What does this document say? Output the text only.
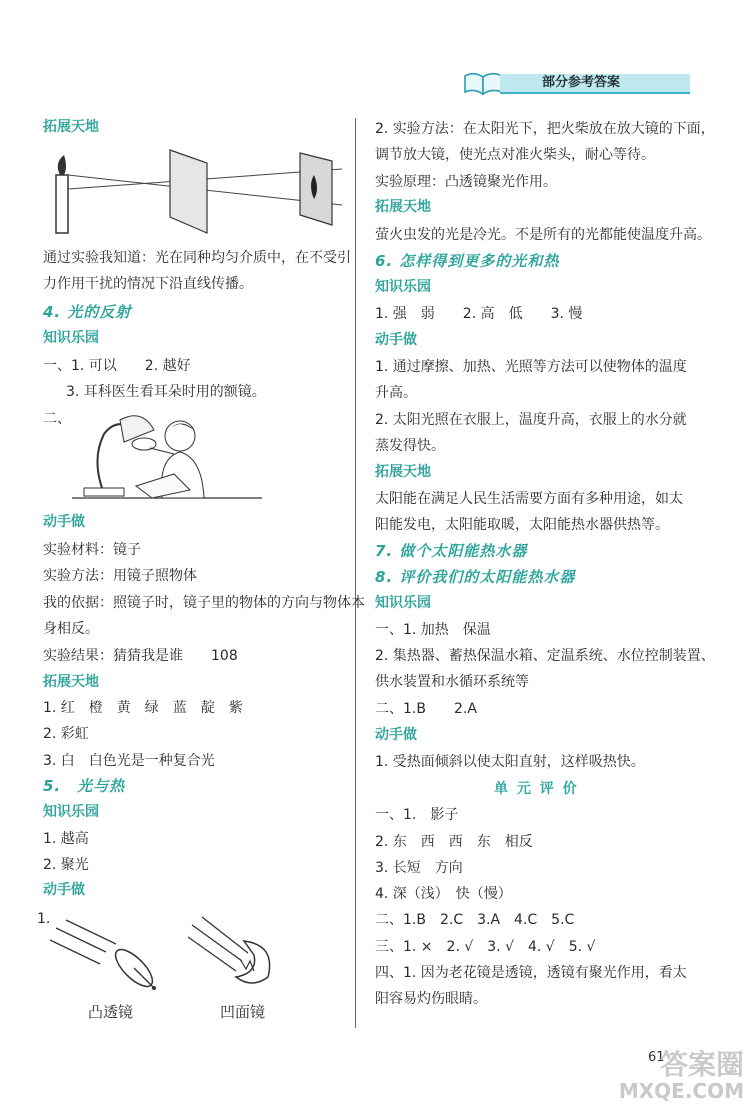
部分参考答案
拓展天地
通过实验我知道：光在同种均匀介质中，在不受引
力作用干扰的情况下沿直线传播。
4. 光的反射
知识乐园
一、1. 可以　　2. 越好
3. 耳科医生看耳朵时用的额镜。
二、
动手做
实验材料：镜子
实验方法：用镜子照物体
我的依据：照镜子时，镜子里的物体的方向与物体本
身相反。
实验结果：猜猜我是谁　　108
拓展天地
1. 红　橙　黄　绿　蓝　靛　紫
2. 彩虹
3. 白　白色光是一种复合光
5.　光与热
知识乐园
1. 越高
2. 聚光
动手做
1.
凸透镜	凹面镜
2. 实验方法：在太阳光下，把火柴放在放大镜的下面，
调节放大镜，使光点对准火柴头，耐心等待。
实验原理：凸透镜聚光作用。
拓展天地
萤火虫发的光是冷光。不是所有的光都能使温度升高。
6. 怎样得到更多的光和热
知识乐园
1. 强　弱　　2. 高　低　　3. 慢
动手做
1. 通过摩擦、加热、光照等方法可以使物体的温度
升高。
2. 太阳光照在衣服上，温度升高，衣服上的水分就
蒸发得快。
拓展天地
太阳能在满足人民生活需要方面有多种用途，如太
阳能发电，太阳能取暖，太阳能热水器供热等。
7. 做个太阳能热水器
8. 评价我们的太阳能热水器
知识乐园
一、1. 加热　保温
2. 集热器、蓄热保温水箱、定温系统、水位控制装置、
供水装置和水循环系统等
二、1.B　　2.A
动手做
1. 受热面倾斜以使太阳直射，这样吸热快。
单 元 评 价
一、1.　影子
2. 东　西　西　东　相反
3. 长短　方向
4. 深（浅）　快（慢）
二、1.B　2.C　3.A　4.C　5.C
三、1. ×　2. √　3. √　4. √　5. √
四、1. 因为老花镜是透镜，透镜有聚光作用，看太
阳容易灼伤眼睛。
61
答案圈
MXQE.COM
